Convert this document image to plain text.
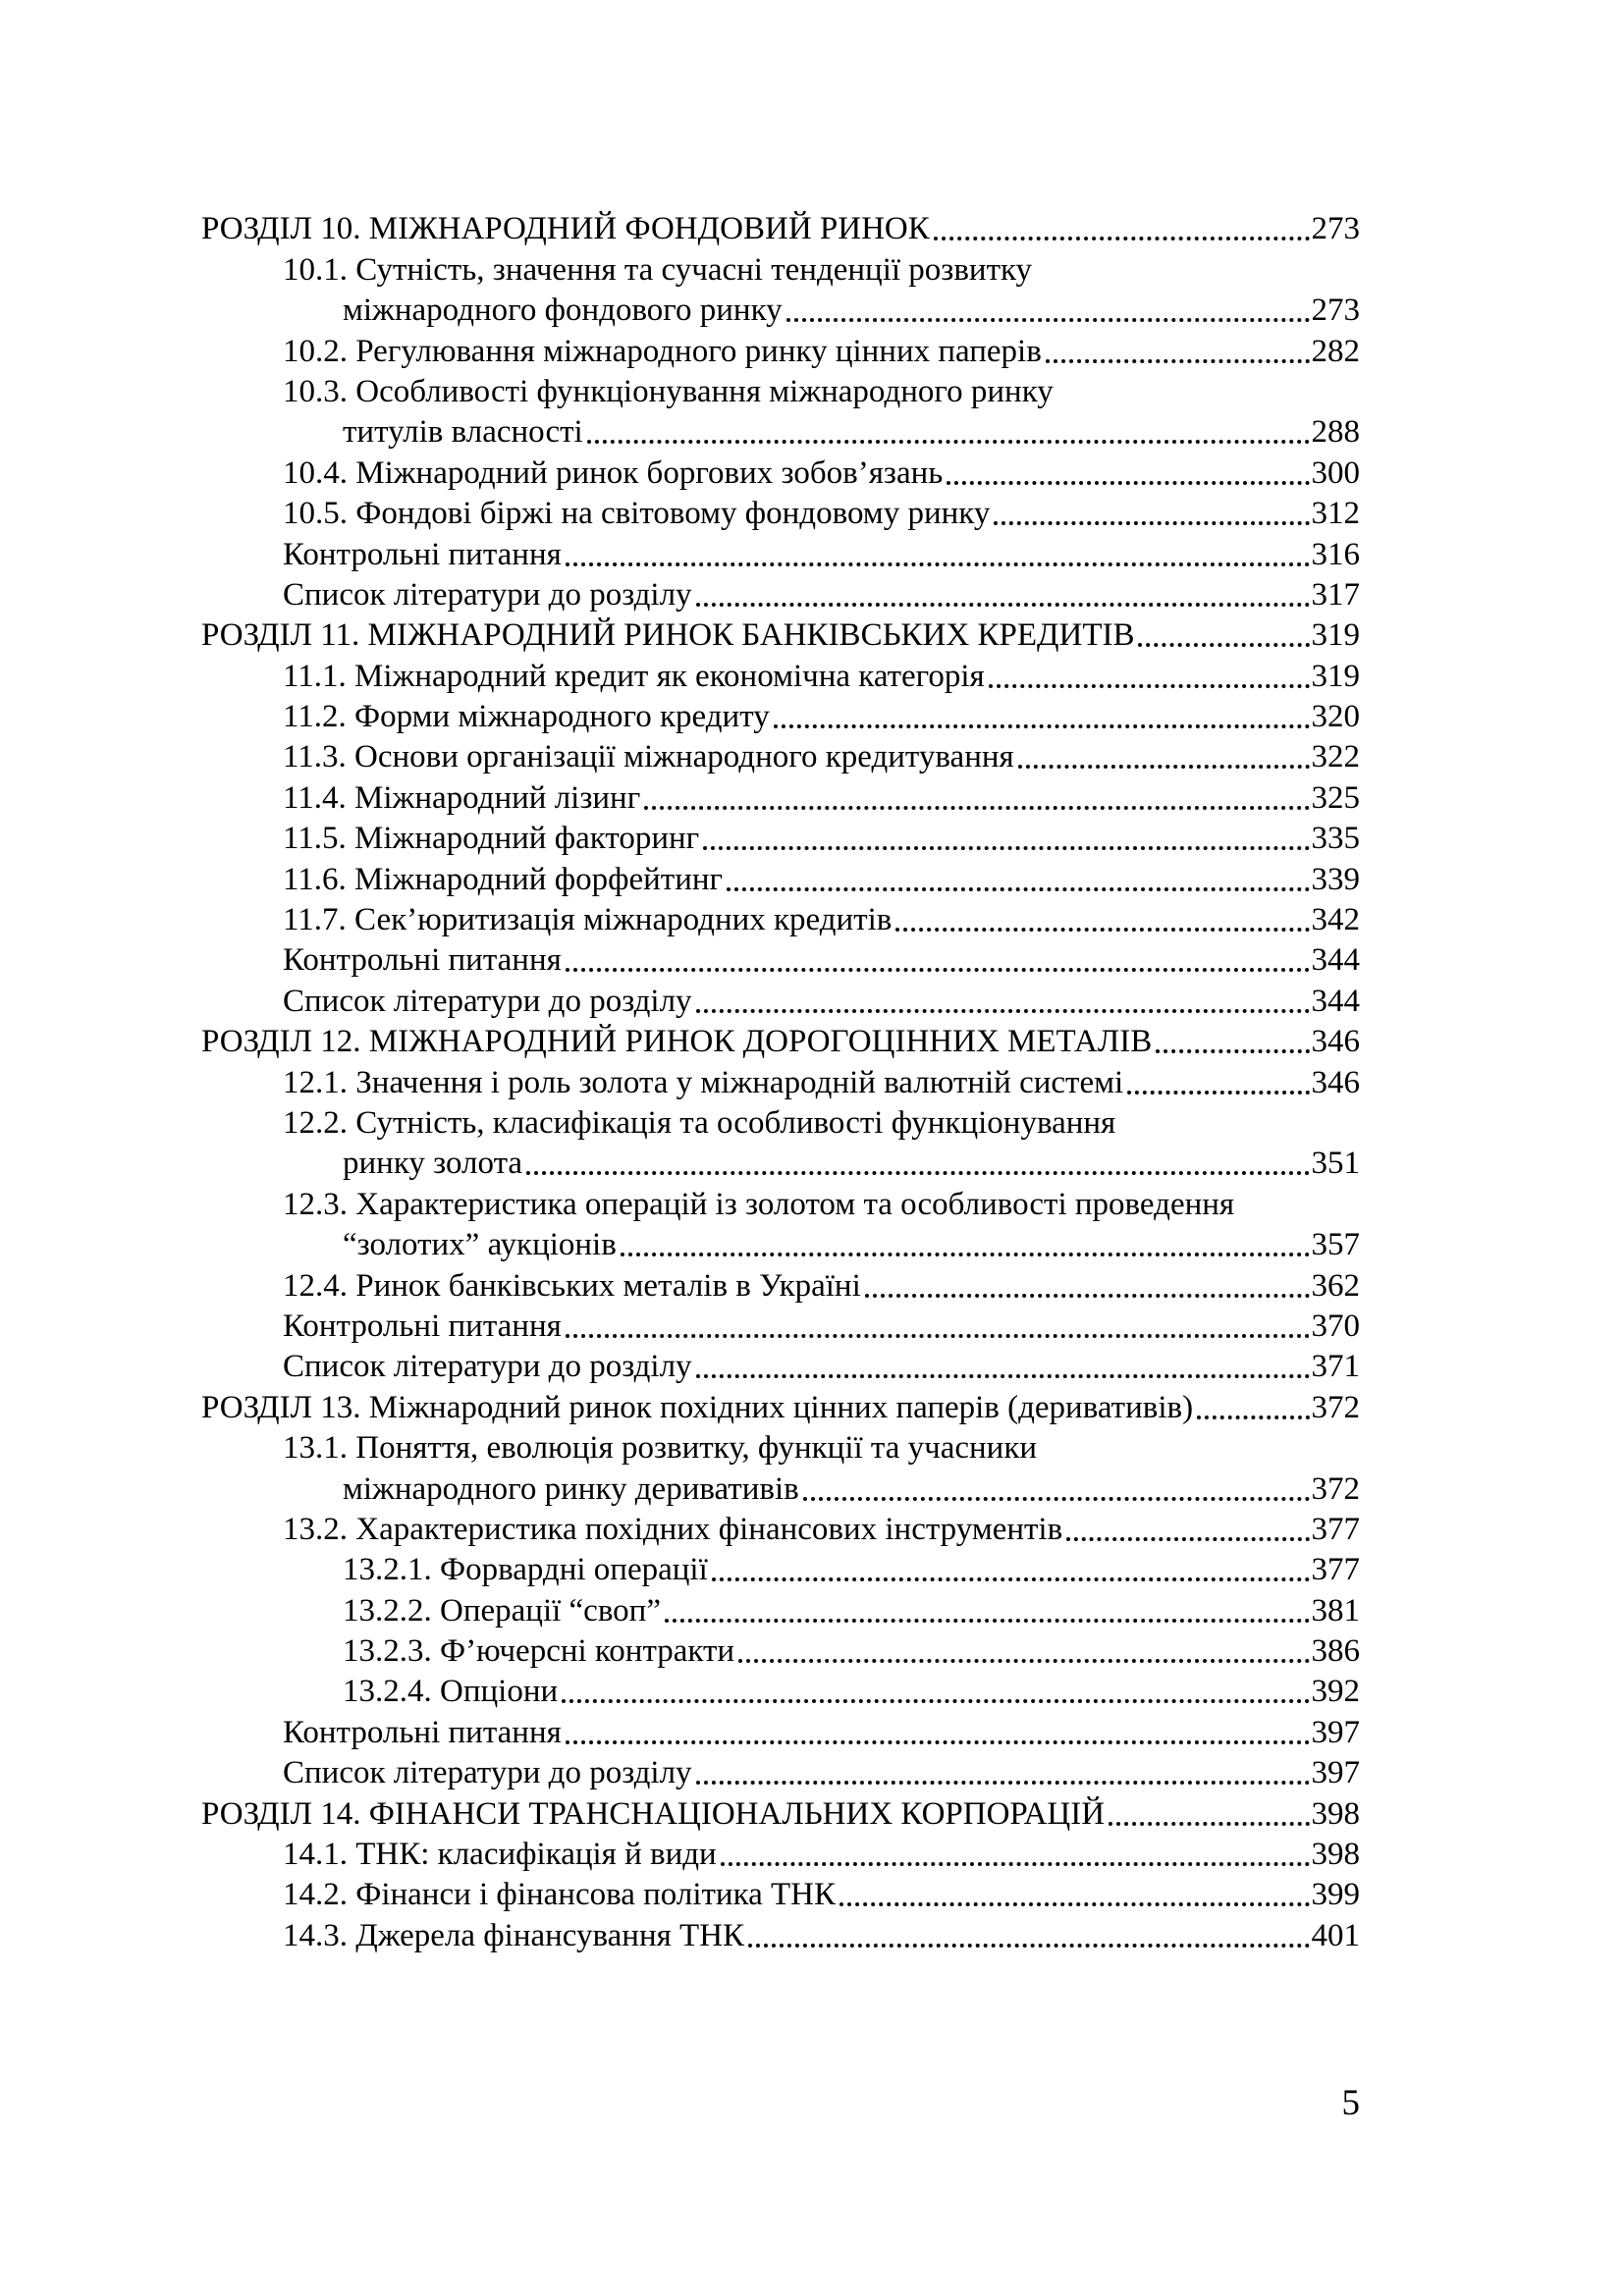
РОЗДІЛ 10. МІЖНАРОДНИЙ ФОНДОВИЙ РИНОК	273
10.1. Сутність, значення та сучасні тенденції розвитку
міжнародного фондового ринку	273
10.2. Регулювання міжнародного ринку цінних паперів	282
10.3. Особливості функціонування міжнародного ринку
титулів власності	288
10.4. Міжнародний ринок боргових зобов’язань	300
10.5. Фондові біржі на світовому фондовому ринку	312
Контрольні питання	316
Список літератури до розділу	317
РОЗДІЛ 11. МІЖНАРОДНИЙ РИНОК БАНКІВСЬКИХ КРЕДИТІВ	319
11.1. Міжнародний кредит як економічна категорія	319
11.2. Форми міжнародного кредиту	320
11.3. Основи організації міжнародного кредитування	322
11.4. Міжнародний лізинг	325
11.5. Міжнародний факторинг	335
11.6. Міжнародний форфейтинг	339
11.7. Сек’юритизація міжнародних кредитів	342
Контрольні питання	344
Список літератури до розділу	344
РОЗДІЛ 12. МІЖНАРОДНИЙ РИНОК ДОРОГОЦІННИХ МЕТАЛІВ	346
12.1. Значення і роль золота у міжнародній валютній системі	346
12.2. Сутність, класифікація та особливості функціонування
ринку золота	351
12.3. Характеристика операцій із золотом та особливості проведення
“золотих” аукціонів	357
12.4. Ринок банківських металів в Україні	362
Контрольні питання	370
Список літератури до розділу	371
РОЗДІЛ 13. Міжнародний ринок похідних цінних паперів (деривативів)	372
13.1. Поняття, еволюція розвитку, функції та учасники
міжнародного ринку деривативів	372
13.2. Характеристика похідних фінансових інструментів	377
13.2.1. Форвардні операції	377
13.2.2. Операції “своп”	381
13.2.3. Ф’ючерсні контракти	386
13.2.4. Опціони	392
Контрольні питання	397
Список літератури до розділу	397
РОЗДІЛ 14. ФІНАНСИ ТРАНСНАЦІОНАЛЬНИХ КОРПОРАЦІЙ	398
14.1. ТНК: класифікація й види	398
14.2. Фінанси і фінансова політика ТНК	399
14.3. Джерела фінансування ТНК	401
5
